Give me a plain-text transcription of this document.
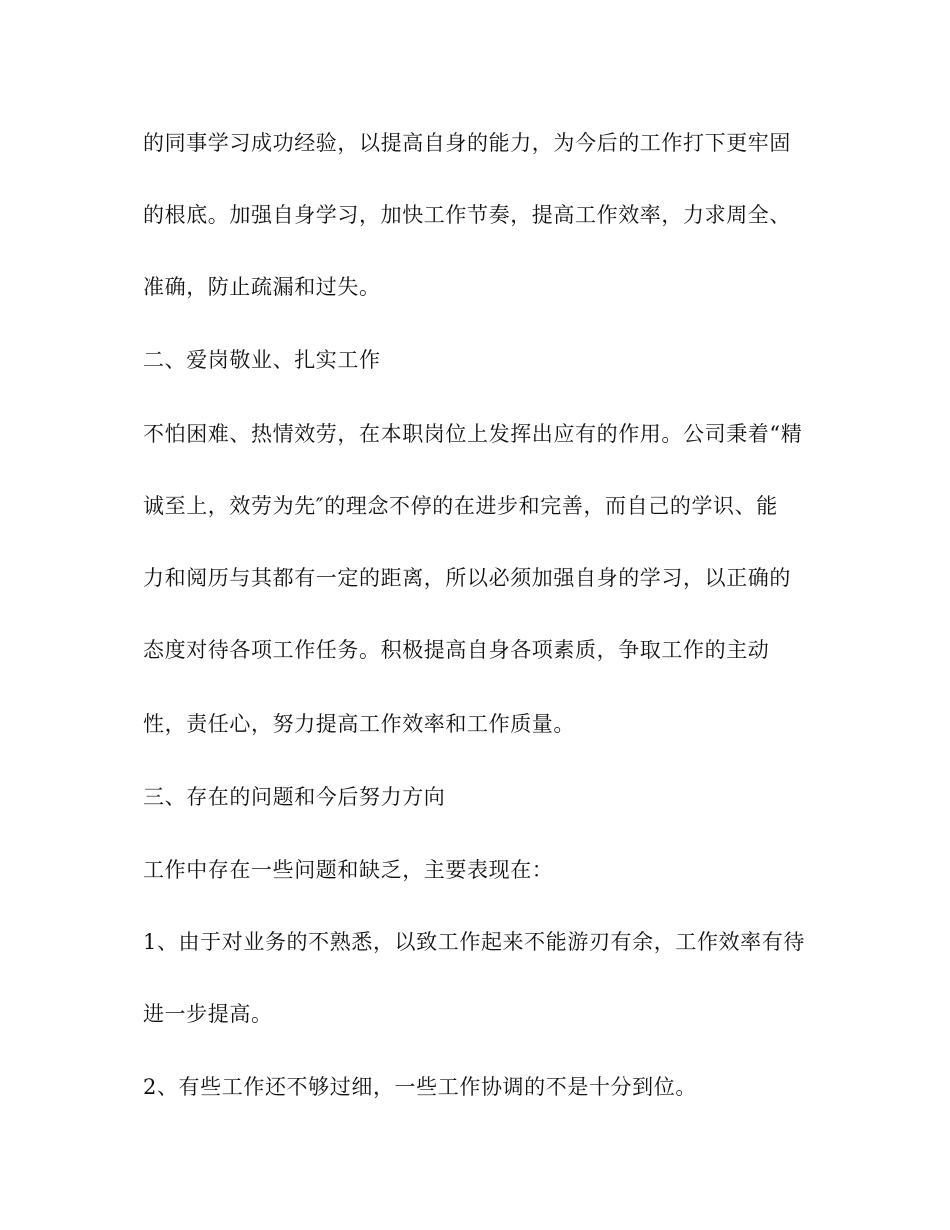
的同事学习成功经验，以提高自身的能力，为今后的工作打下更牢固
的根底。加强自身学习，加快工作节奏，提高工作效率，力求周全、
准确，防止疏漏和过失。
二、爱岗敬业、扎实工作
不怕困难、热情效劳，在本职岗位上发挥出应有的作用。公司秉着“精
诚至上，效劳为先″的理念不停的在进步和完善，而自己的学识、能
力和阅历与其都有一定的距离，所以必须加强自身的学习，以正确的
态度对待各项工作任务。积极提高自身各项素质，争取工作的主动
性，责任心，努力提高工作效率和工作质量。
三、存在的问题和今后努力方向
工作中存在一些问题和缺乏，主要表现在：
1、由于对业务的不熟悉，以致工作起来不能游刃有余，工作效率有待
进一步提高。
2、有些工作还不够过细，一些工作协调的不是十分到位。
